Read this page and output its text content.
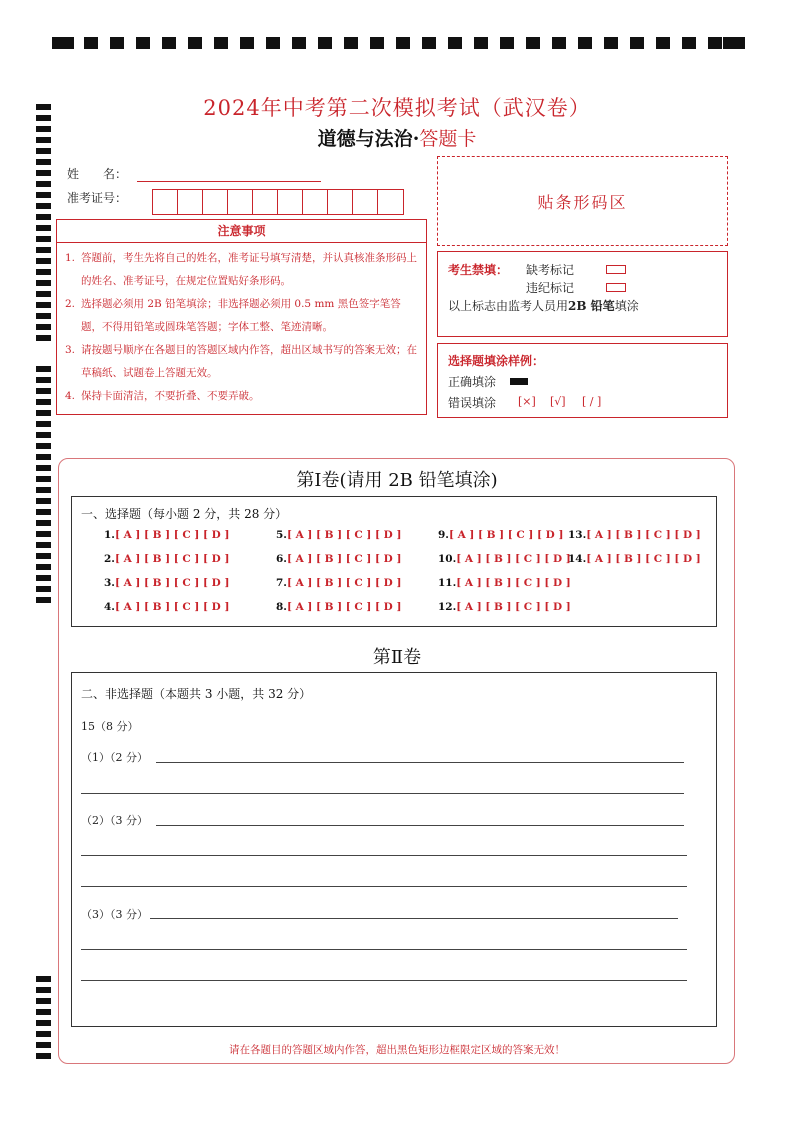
2024年中考第二次模拟考试（武汉卷）
道德与法治·答题卡
姓　　名：
准考证号：	贴条形码区
注意事项
1. 答题前，考生先将自己的姓名，准考证号填写清楚，并认真核准条形码上的姓名、准考证号，在规定位置贴好条形码。
2. 选择题必须用 2B 铅笔填涂；非选择题必须用 0.5 mm 黑色签字笔答题，不得用铅笔或圆珠笔答题；字体工整、笔迹清晰。
3. 请按题号顺序在各题目的答题区域内作答，超出区域书写的答案无效；在草稿纸、试题卷上答题无效。
4. 保持卡面清洁，不要折叠、不要弄破。
考生禁填： 缺考标记
违纪标记
以上标志由监考人员用2B 铅笔填涂
选择题填涂样例：
正确填涂
错误填涂 [×] [√] [ / ]
第Ⅰ卷(请用 2B 铅笔填涂)
一、选择题（每小题 2 分，共 28 分）
1.[ A ] [ B ] [ C ] [ D ]
2.[ A ] [ B ] [ C ] [ D ]
3.[ A ] [ B ] [ C ] [ D ]
4.[ A ] [ B ] [ C ] [ D ]
5.[ A ] [ B ] [ C ] [ D ]
6.[ A ] [ B ] [ C ] [ D ]
7.[ A ] [ B ] [ C ] [ D ]
8.[ A ] [ B ] [ C ] [ D ]
9.[ A ] [ B ] [ C ] [ D ]
10.[ A ] [ B ] [ C ] [ D ]
11.[ A ] [ B ] [ C ] [ D ]
12.[ A ] [ B ] [ C ] [ D ]
13.[ A ] [ B ] [ C ] [ D ]
14.[ A ] [ B ] [ C ] [ D ]
第Ⅱ卷
二、非选择题（本题共 3 小题，共 32 分）
15（8 分）
（1）（2 分）
（2）（3 分）
（3）（3 分）
请在各题目的答题区域内作答，超出黑色矩形边框限定区域的答案无效！
